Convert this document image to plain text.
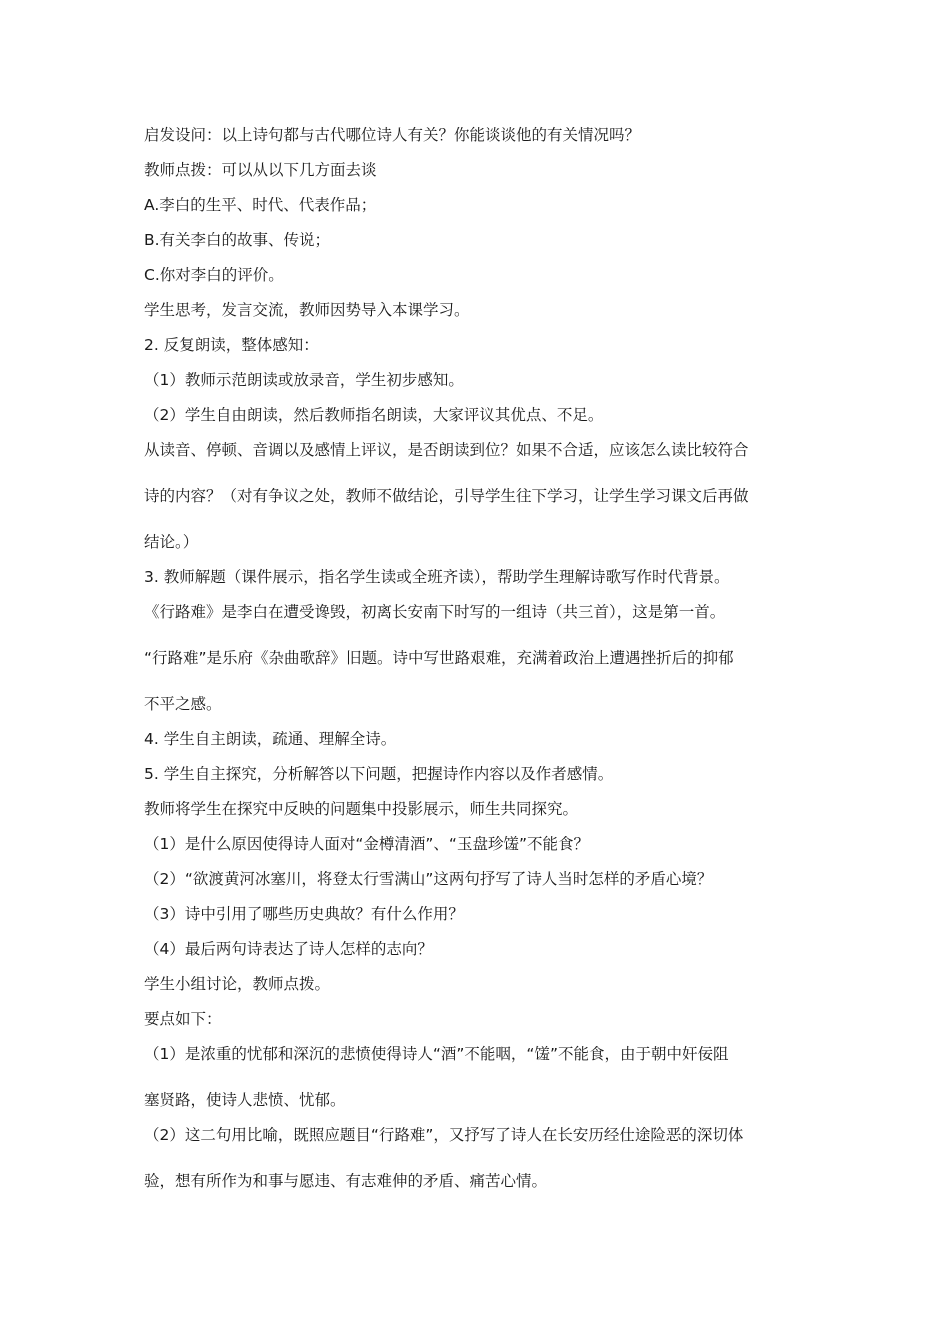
启发设问：以上诗句都与古代哪位诗人有关？你能谈谈他的有关情况吗？

教师点拨：可以从以下几方面去谈

A.李白的生平、时代、代表作品；

B.有关李白的故事、传说；

C.你对李白的评价。

学生思考，发言交流，教师因势导入本课学习。

2. 反复朗读，整体感知：

（1）教师示范朗读或放录音，学生初步感知。

（2）学生自由朗读，然后教师指名朗读，大家评议其优点、不足。

从读音、停顿、音调以及感情上评议，是否朗读到位？如果不合适，应该怎么读比较符合

诗的内容？（对有争议之处，教师不做结论，引导学生往下学习，让学生学习课文后再做

结论。）

3. 教师解题（课件展示，指名学生读或全班齐读），帮助学生理解诗歌写作时代背景。

《行路难》是李白在遭受谗毁，初离长安南下时写的一组诗（共三首），这是第一首。

“行路难”是乐府《杂曲歌辞》旧题。诗中写世路艰难，充满着政治上遭遇挫折后的抑郁

不平之感。

4. 学生自主朗读，疏通、理解全诗。

5. 学生自主探究，分析解答以下问题，把握诗作内容以及作者感情。

教师将学生在探究中反映的问题集中投影展示，师生共同探究。

（1）是什么原因使得诗人面对“金樽清酒”、“玉盘珍馐”不能食？

（2）“欲渡黄河冰塞川，将登太行雪满山”这两句抒写了诗人当时怎样的矛盾心境？

（3）诗中引用了哪些历史典故？有什么作用？

（4）最后两句诗表达了诗人怎样的志向？

学生小组讨论，教师点拨。

要点如下：

（1）是浓重的忧郁和深沉的悲愤使得诗人“酒”不能咽，“馐”不能食，由于朝中奸佞阻

塞贤路，使诗人悲愤、忧郁。

（2）这二句用比喻，既照应题目“行路难”，又抒写了诗人在长安历经仕途险恶的深切体

验，想有所作为和事与愿违、有志难伸的矛盾、痛苦心情。
